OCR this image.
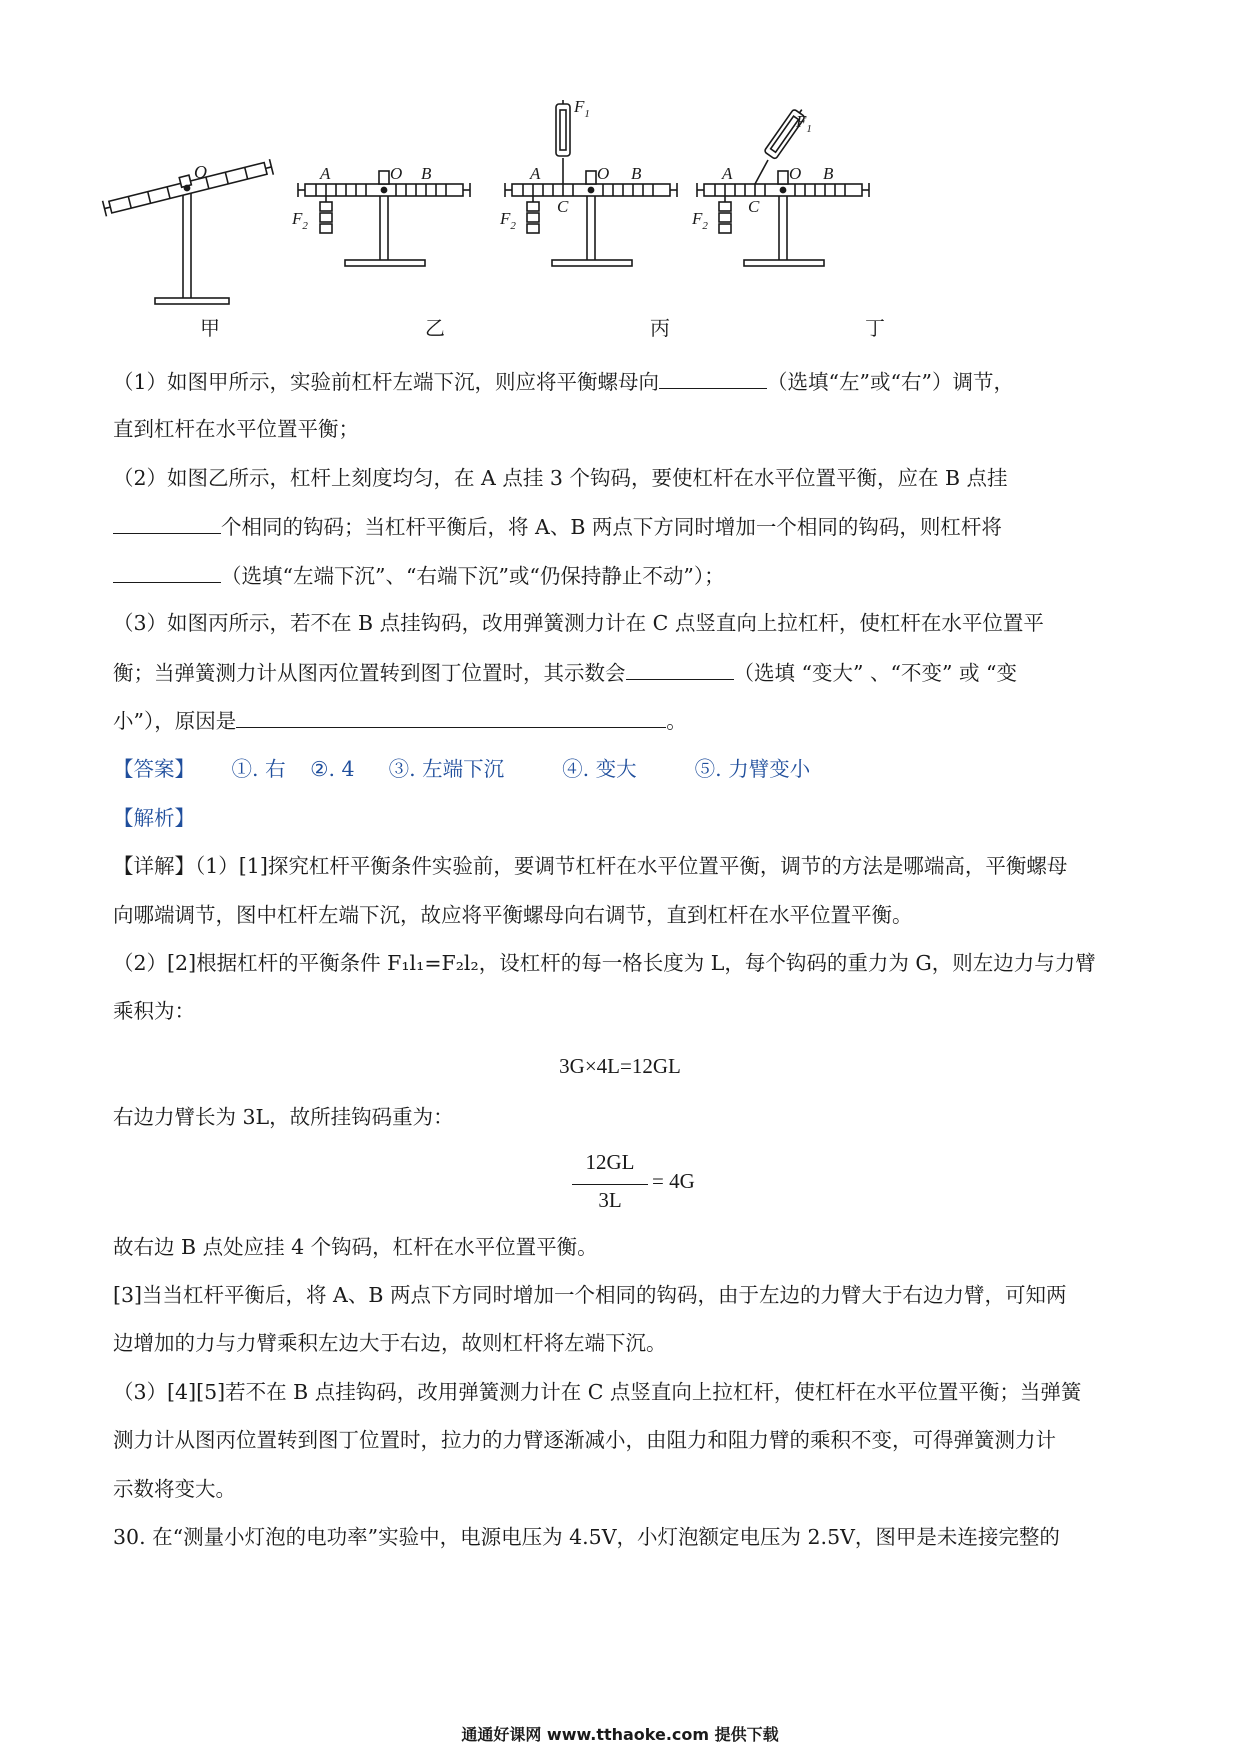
O	A	O B
$F_2$
A
C
O B
$F_1$
$F_2$
A
C
O B
$F_1$
$F_2$
甲	乙	丙	丁
（1）如图甲所示，实验前杠杆左端下沉，则应将平衡螺母向	（选填“左”或“右”）调节，
直到杠杆在水平位置平衡；
（2）如图乙所示，杠杆上刻度均匀，在 A 点挂 3 个钩码，要使杠杆在水平位置平衡，应在 B 点挂
个相同的钩码；当杠杆平衡后，将 A、B 两点下方同时增加一个相同的钩码，则杠杆将
（选填“左端下沉”、“右端下沉”或“仍保持静止不动”）；
（3）如图丙所示，若不在 B 点挂钩码，改用弹簧测力计在 C 点竖直向上拉杠杆，使杠杆在水平位置平
衡；当弹簧测力计从图丙位置转到图丁位置时，其示数会	（选填 “变大” 、“不变” 或 “变
小”），原因是	。
【答案】 ①. 右 ②. 4 ③. 左端下沉	④. 变大	⑤. 力臂变小
【解析】
【详解】（1）[1]探究杠杆平衡条件实验前，要调节杠杆在水平位置平衡，调节的方法是哪端高，平衡螺母
向哪端调节，图中杠杆左端下沉，故应将平衡螺母向右调节，直到杠杆在水平位置平衡。
（2）[2]根据杠杆的平衡条件 F₁l₁=F₂l₂，设杠杆的每一格长度为 L，每个钩码的重力为 G，则左边力与力臂
乘积为：
3G×4L=12GL
右边力臂长为 3L，故所挂钩码重为：
12GL
3L
= 4G
故右边 B 点处应挂 4 个钩码，杠杆在水平位置平衡。
[3]当当杠杆平衡后，将 A、B 两点下方同时增加一个相同的钩码，由于左边的力臂大于右边力臂，可知两
边增加的力与力臂乘积左边大于右边，故则杠杆将左端下沉。
（3）[4][5]若不在 B 点挂钩码，改用弹簧测力计在 C 点竖直向上拉杠杆，使杠杆在水平位置平衡；当弹簧
测力计从图丙位置转到图丁位置时，拉力的力臂逐渐减小，由阻力和阻力臂的乘积不变，可得弹簧测力计
示数将变大。
30. 在“测量小灯泡的电功率”实验中，电源电压为 4.5V，小灯泡额定电压为 2.5V，图甲是未连接完整的
通通好课网 www.tthaoke.com 提供下载
